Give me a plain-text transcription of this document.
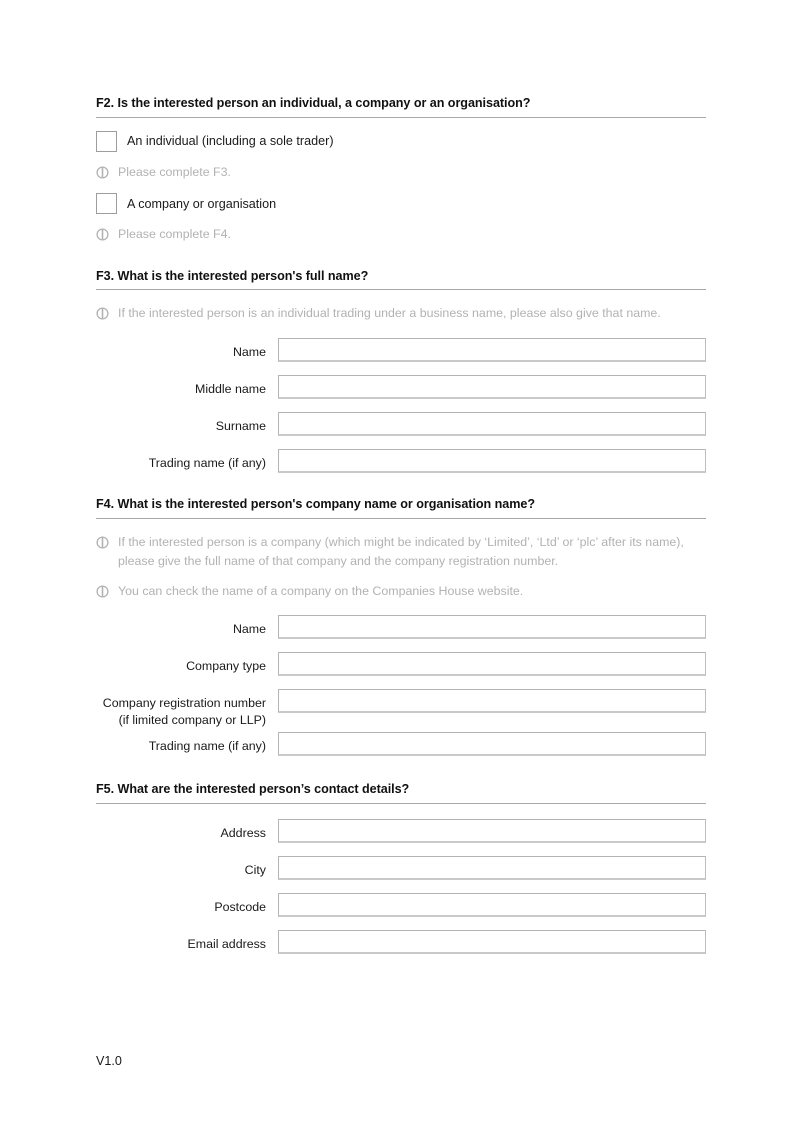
F2. Is the interested person an individual, a company or an organisation?
An individual (including a sole trader)
Please complete F3.
A company or organisation
Please complete F4.
F3. What is the interested person's full name?
If the interested person is an individual trading under a business name, please also give that name.
Name
Middle name
Surname
Trading name (if any)
F4. What is the interested person's company name or organisation name?
If the interested person is a company (which might be indicated by ‘Limited’, ‘Ltd’ or ‘plc’ after its name), please give the full name of that company and the company registration number.
You can check the name of a company on the Companies House website.
Name
Company type
Company registration number (if limited company or LLP)
Trading name (if any)
F5. What are the interested person’s contact details?
Address
City
Postcode
Email address
V1.0
